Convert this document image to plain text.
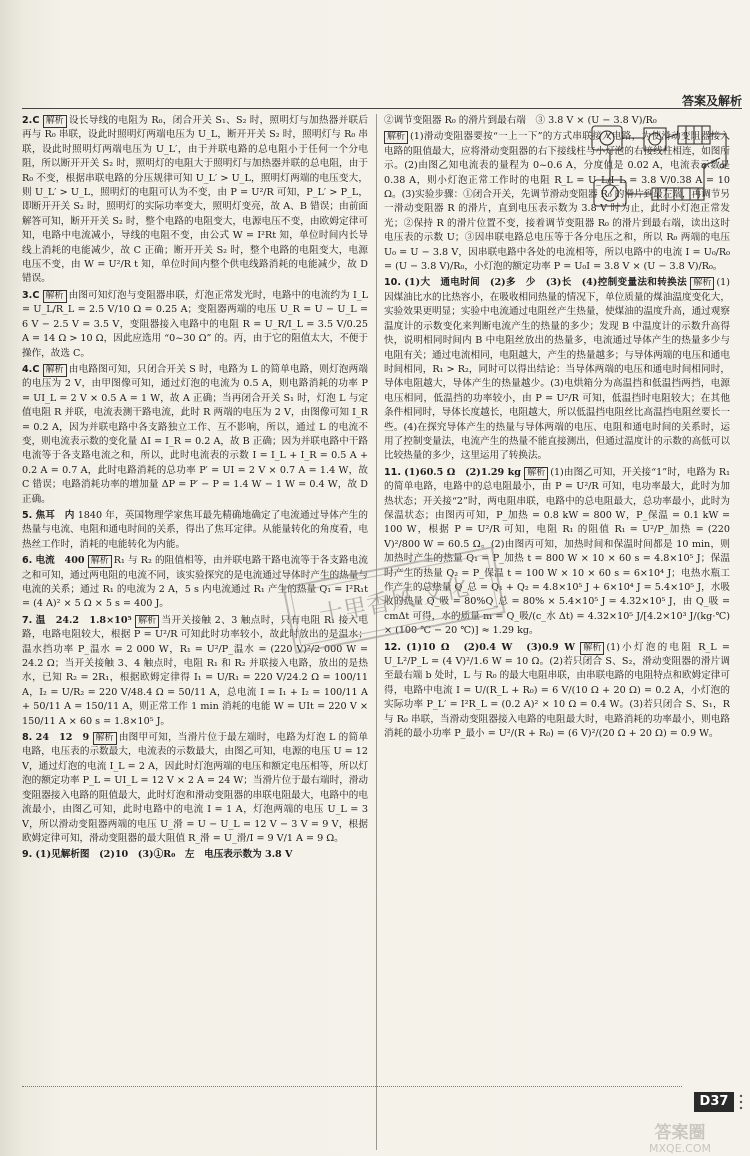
答案及解析

2.C 解析 设长导线的电阻为 R₀，闭合开关 S₁、S₂ 时，照明灯与加热器并联后再与 R₀ 串联，设此时照明灯两端电压为 U_L，断开开关 S₂ 时，照明灯与 R₀ 串联，设此时照明灯两端电压为 U_L′，由于并联电路的总电阻小于任何一个分电阻，所以断开开关 S₂ 时，照明灯的电阻大于照明灯与加热器并联的总电阻，由于 R₀ 不变，根据串联电路的分压规律可知 U_L′ > U_L，照明灯两端的电压变大，则 U_L′ > U_L，照明灯的电阻可认为不变，由 P = U²/R 可知，P_L′ > P_L，即断开开关 S₂ 时，照明灯的实际功率变大，照明灯变亮，故 A、B 错误；由前面解答可知，断开开关 S₂ 时，整个电路的电阻变大，电源电压不变，由欧姆定律可知，电路中电流减小，导线的电阻不变，由公式 W = I²Rt 知，单位时间内长导线上消耗的电能减少，故 C 正确；断开开关 S₂ 时，整个电路的电阻变大，电源电压不变，由 W = U²/R t 知，单位时间内整个供电线路消耗的电能减少，故 D 错误。

3.C 解析 由图可知灯泡与变阻器串联，灯泡正常发光时，电路中的电流约为 I_L = U_L/R_L = 2.5 V/10 Ω = 0.25 A；变阻器两端的电压 U_R = U − U_L = 6 V − 2.5 V = 3.5 V，变阻器接入电路中的电阻 R = U_R/I_L = 3.5 V/0.25 A = 14 Ω > 10 Ω，因此应选用 “0~30 Ω” 的。丙，由于它的阻值太大，不便于操作，故选 C。

4.C 解析 由电路图可知，只闭合开关 S 时，电路为 L 的简单电路，则灯泡两端的电压为 2 V，由甲图像可知，通过灯泡的电流为 0.5 A，则电路消耗的功率 P = UI_L = 2 V × 0.5 A = 1 W，故 A 正确；当再闭合开关 S₁ 时，灯泡 L 与定值电阻 R 并联，电流表测干路电流，此时 R 两端的电压为 2 V，由图像可知 I_R = 0.2 A，因为并联电路中各支路独立工作、互不影响，所以，通过 L 的电流不变，则电流表示数的变化量 ΔI = I_R = 0.2 A，故 B 正确；因为并联电路中干路电流等于各支路电流之和，所以，此时电流表的示数 I = I_L + I_R = 0.5 A + 0.2 A = 0.7 A，此时电路消耗的总功率 P′ = UI = 2 V × 0.7 A = 1.4 W，故 C 错误；电路消耗功率的增加量 ΔP = P′ − P = 1.4 W − 1 W = 0.4 W，故 D 正确。

5. 焦耳　内 1840 年，英国物理学家焦耳最先精确地确定了电流通过导体产生的热量与电流、电阻和通电时间的关系，得出了焦耳定律。从能量转化的角度看，电热丝工作时，消耗的电能转化为内能。

6. 电流　400 解析 R₁ 与 R₂ 的阻值相等，由并联电路干路电流等于各支路电流之和可知，通过两电阻的电流不同，该实验探究的是电流通过导体时产生的热量与电流的关系；通过 R₁ 的电流为 2 A，5 s 内电流通过 R₁ 产生的热量 Q₁ = I²R₁t = (4 A)² × 5 Ω × 5 s = 400 J。

7. 温　24.2　1.8×10⁵ 解析 当开关接触 2、3 触点时，只有电阻 R₁ 接入电路，电路电阻较大，根据 P = U²/R 可知此时功率较小，故此时放出的是温水；温水挡功率 P_温水 = 2 000 W，R₁ = U²/P_温水 = (220 V)²/2 000 W = 24.2 Ω；当开关接触 3、4 触点时，电阻 R₁ 和 R₂ 并联接入电路，放出的是热水，已知 R₂ = 2R₁，根据欧姆定律得 I₁ = U/R₁ = 220 V/24.2 Ω = 100/11 A，I₂ = U/R₂ = 220 V/48.4 Ω = 50/11 A，总电流 I = I₁ + I₂ = 100/11 A + 50/11 A = 150/11 A，则正常工作 1 min 消耗的电能 W = UIt = 220 V × 150/11 A × 60 s = 1.8×10⁵ J。

8. 24　12　9 解析 由图甲可知，当滑片位于最左端时，电路为灯泡 L 的简单电路，电压表的示数最大，电流表的示数最大，由图乙可知，电源的电压 U = 12 V，通过灯泡的电流 I_L = 2 A，因此时灯泡两端的电压和额定电压相等，所以灯泡的额定功率 P_L = UI_L = 12 V × 2 A = 24 W；当滑片位于最右端时，滑动变阻器接入电路的阻值最大，此时灯泡和滑动变阻器的串联电阻最大，电路中的电流最小，由图乙可知，此时电路中的电流 I = 1 A，灯泡两端的电压 U_L = 3 V，所以滑动变阻器两端的电压 U_滑 = U − U_L = 12 V − 3 V = 9 V，根据欧姆定律可知，滑动变阻器的最大阻值 R_滑 = U_滑/I = 9 V/1 A = 9 Ω。

9. (1)见解析图　(2)10　(3)①R₀　左　电压表示数为 3.8 V

②调节变阻器 R₀ 的滑片到最右端　③ 3.8 V × (U − 3.8 V)/R₀

解析 (1)滑动变阻器要按“一上一下”的方式串联接入电路，为使滑动变阻器接入电路的阻值最大，应将滑动变阻器的右下接线柱与小灯泡的右接线柱相连，如图所示。(2)由图乙知电流表的量程为 0~0.6 A，分度值是 0.02 A，电流表示数是 0.38 A，则小灯泡正常工作时的电阻 R_L = U_L/I_L = 3.8 V/0.38 A = 10 Ω。(3)实验步骤：①闭合开关，先调节滑动变阻器 R₀ 的滑片到最左端，再调节另一滑动变阻器 R 的滑片，直到电压表示数为 3.8 V 时为止，此时小灯泡正常发光；②保持 R 的滑片位置不变，接着调节变阻器 R₀ 的滑片到最右端，读出这时电压表的示数 U；③因串联电路总电压等于各分电压之和，所以 R₀ 两端的电压 U₀ = U − 3.8 V，因串联电路中各处的电流相等，所以电路中的电流 I = U₀/R₀ = (U − 3.8 V)/R₀，小灯泡的额定功率 P = U₀I = 3.8 V × (U − 3.8 V)/R₀。

10. (1)大　通电时间　(2)多　少　(3)长　(4)控制变量法和转换法 解析 (1)因煤油比水的比热容小，在吸收相同热量的情况下，单位质量的煤油温度变化大，实验效果更明显；实验中电流通过电阻丝产生热量，使煤油的温度升高，通过观察温度计的示数变化来判断电流产生的热量的多少；发现 B 中温度计的示数升高得快，说明相同时间内 B 中电阻丝放出的热量多，电流通过导体产生的热量多少与电阻有关；通过电流相同，电阻越大，产生的热量越多；与导体两端的电压和通电时间相同，R₁ > R₂，同时可以得出结论：当导体两端的电压和通电时间相同时，导体电阻越大，导体产生的热量越少。(3)电烘箱分为高温挡和低温挡两挡，电源电压相同，低温挡的功率较小，由 P = U²/R 可知，低温挡时电阻较大；在其他条件相同时，导体长度越长，电阻越大，所以低温挡电阻丝比高温挡电阻丝要长一些。(4)在探究导体产生的热量与导体两端的电压、电阻和通电时间的关系时，运用了控制变量法，电流产生的热量不能直接测出，但通过温度计的示数的高低可以比较热量的多少，这里运用了转换法。

11. (1)60.5 Ω　(2)1.29 kg 解析 (1)由图乙可知，开关接“1”时，电路为 R₁ 的简单电路，电路中的总电阻最小，由 P = U²/R 可知，电功率最大，此时为加热状态；开关接“2”时，两电阻串联，电路中的总电阻最大，总功率最小，此时为保温状态；由图丙可知，P_加热 = 0.8 kW = 800 W，P_保温 = 0.1 kW = 100 W，根据 P = U²/R 可知，电阻 R₁ 的阻值 R₁ = U²/P_加热 = (220 V)²/800 W = 60.5 Ω。(2)由图丙可知，加热时间和保温时间都是 10 min，则加热时产生的热量 Q₁ = P_加热 t = 800 W × 10 × 60 s = 4.8×10⁵ J；保温时产生的热量 Q₂ = P_保温 t = 100 W × 10 × 60 s = 6×10⁴ J；电热水瓶工作产生的总热量 Q_总 = Q₁ + Q₂ = 4.8×10⁵ J + 6×10⁴ J = 5.4×10⁵ J，水吸收的热量 Q_吸 = 80%Q_总 = 80% × 5.4×10⁵ J = 4.32×10⁵ J，由 Q_吸 = cmΔt 可得，水的质量 m = Q_吸/(c_水 Δt) = 4.32×10⁵ J/[4.2×10³ J/(kg·℃) × (100 ℃ − 20 ℃)] ≈ 1.29 kg。

12. (1)10 Ω　(2)0.4 W　(3)0.9 W 解析 (1)小灯泡的电阻 R_L = U_L²/P_L = (4 V)²/1.6 W = 10 Ω。(2)若只闭合 S、S₂，滑动变阻器的滑片调至最右端 b 处时，L 与 R₀ 的最大电阻串联，由串联电路的电阻特点和欧姆定律可得，电路中电流 I = U/(R_L + R₀) = 6 V/(10 Ω + 20 Ω) = 0.2 A，小灯泡的实际功率 P_L′ = I²R_L = (0.2 A)² × 10 Ω = 0.4 W。(3)若只闭合 S、S₁，R 与 R₀ 串联，当滑动变阻器接入电路的电阻最大时，电路消耗的功率最小，则电路消耗的最小功率 P_最小 = U²/(R + R₀) = (6 V)²/(20 Ω + 20 Ω) = 0.9 W。

十里香风 文化
D37
答案圈
MXQE.COM
